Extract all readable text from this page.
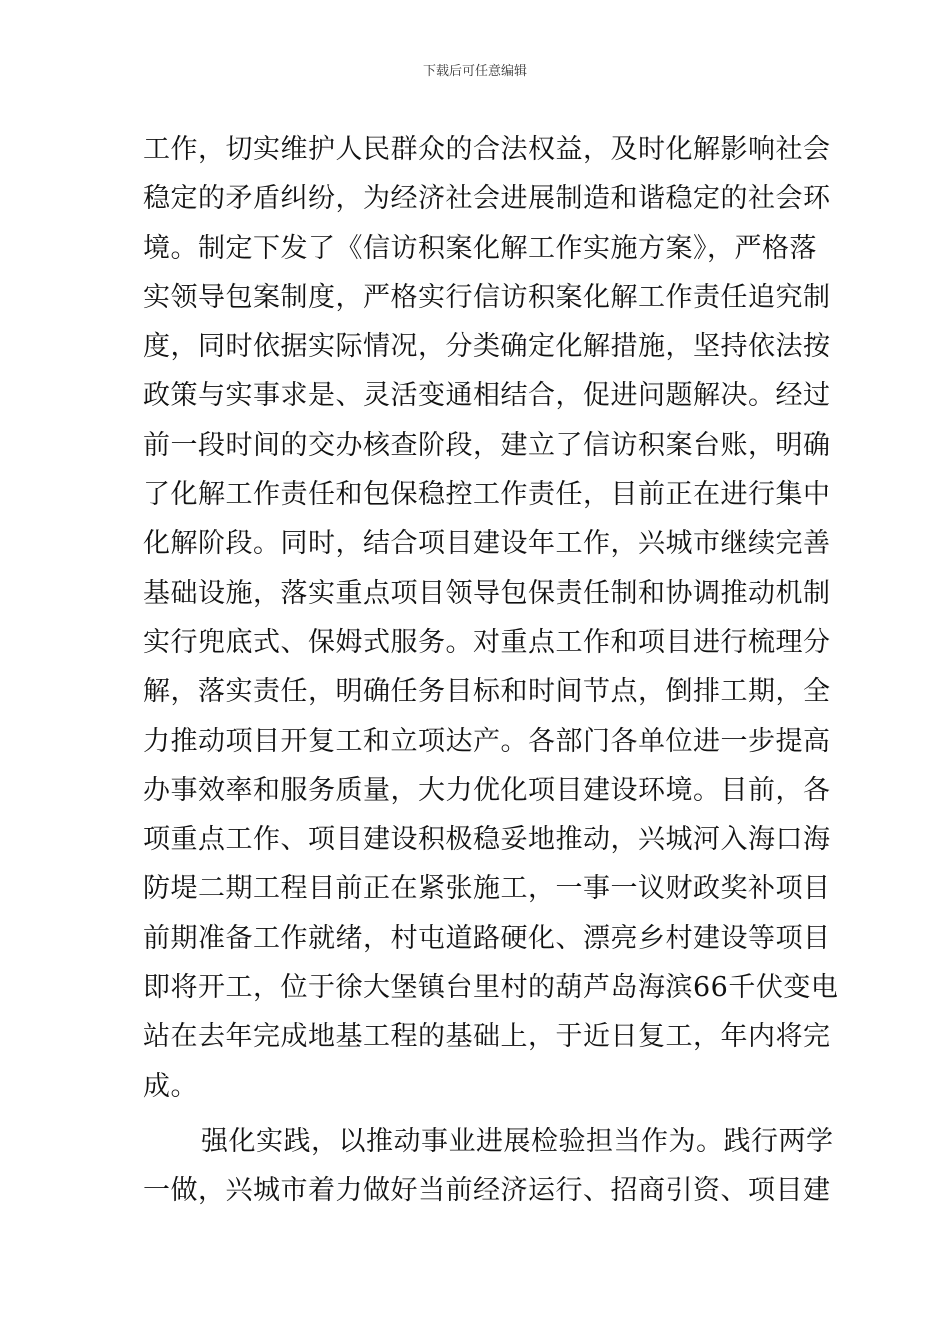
下载后可任意编辑
工作，切实维护人民群众的合法权益，及时化解影响社会
稳定的矛盾纠纷，为经济社会进展制造和谐稳定的社会环
境。制定下发了《信访积案化解工作实施方案》，严格落
实领导包案制度，严格实行信访积案化解工作责任追究制
度，同时依据实际情况，分类确定化解措施，坚持依法按
政策与实事求是、灵活变通相结合，促进问题解决。经过
前一段时间的交办核查阶段，建立了信访积案台账，明确
了化解工作责任和包保稳控工作责任，目前正在进行集中
化解阶段。同时，结合项目建设年工作，兴城市继续完善
基础设施，落实重点项目领导包保责任制和协调推动机制
实行兜底式、保姆式服务。对重点工作和项目进行梳理分
解，落实责任，明确任务目标和时间节点，倒排工期，全
力推动项目开复工和立项达产。各部门各单位进一步提高
办事效率和服务质量，大力优化项目建设环境。目前，各
项重点工作、项目建设积极稳妥地推动，兴城河入海口海
防堤二期工程目前正在紧张施工，一事一议财政奖补项目
前期准备工作就绪，村屯道路硬化、漂亮乡村建设等项目
即将开工，位于徐大堡镇台里村的葫芦岛海滨66千伏变电
站在去年完成地基工程的基础上，于近日复工，年内将完
成。
强化实践，以推动事业进展检验担当作为。践行两学
一做，兴城市着力做好当前经济运行、招商引资、项目建
